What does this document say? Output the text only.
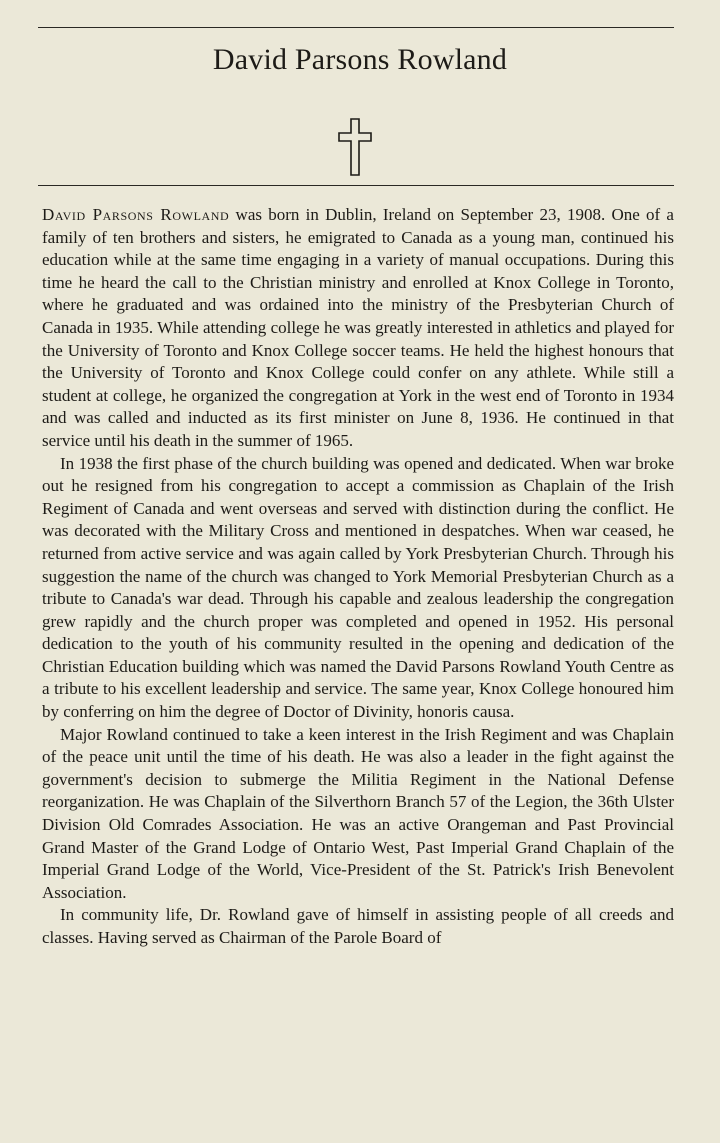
David Parsons Rowland

David Parsons Rowland was born in Dublin, Ireland on September 23, 1908. One of a family of ten brothers and sisters, he emigrated to Canada as a young man, continued his education while at the same time engaging in a variety of manual occupations. During this time he heard the call to the Christian ministry and enrolled at Knox College in Toronto, where he graduated and was ordained into the ministry of the Presbyterian Church of Canada in 1935. While attending college he was greatly interested in athletics and played for the University of Toronto and Knox College soccer teams. He held the highest honours that the University of Toronto and Knox College could confer on any athlete. While still a student at college, he organized the congregation at York in the west end of Toronto in 1934 and was called and inducted as its first minister on June 8, 1936. He continued in that service until his death in the summer of 1965.

In 1938 the first phase of the church building was opened and dedicated. When war broke out he resigned from his congregation to accept a commission as Chaplain of the Irish Regiment of Canada and went overseas and served with distinction during the conflict. He was decorated with the Military Cross and mentioned in despatches. When war ceased, he returned from active service and was again called by York Presbyterian Church. Through his suggestion the name of the church was changed to York Memorial Presbyterian Church as a tribute to Canada's war dead. Through his capable and zealous leadership the congregation grew rapidly and the church proper was completed and opened in 1952. His personal dedication to the youth of his community resulted in the opening and dedication of the Christian Education building which was named the David Parsons Rowland Youth Centre as a tribute to his excellent leadership and service. The same year, Knox College honoured him by conferring on him the degree of Doctor of Divinity, honoris causa.

Major Rowland continued to take a keen interest in the Irish Regiment and was Chaplain of the peace unit until the time of his death. He was also a leader in the fight against the government's decision to submerge the Militia Regiment in the National Defense reorganization. He was Chaplain of the Silverthorn Branch 57 of the Legion, the 36th Ulster Division Old Comrades Association. He was an active Orangeman and Past Provincial Grand Master of the Grand Lodge of Ontario West, Past Imperial Grand Chaplain of the Imperial Grand Lodge of the World, Vice-President of the St. Patrick's Irish Benevolent Association.

In community life, Dr. Rowland gave of himself in assisting people of all creeds and classes. Having served as Chairman of the Parole Board of
